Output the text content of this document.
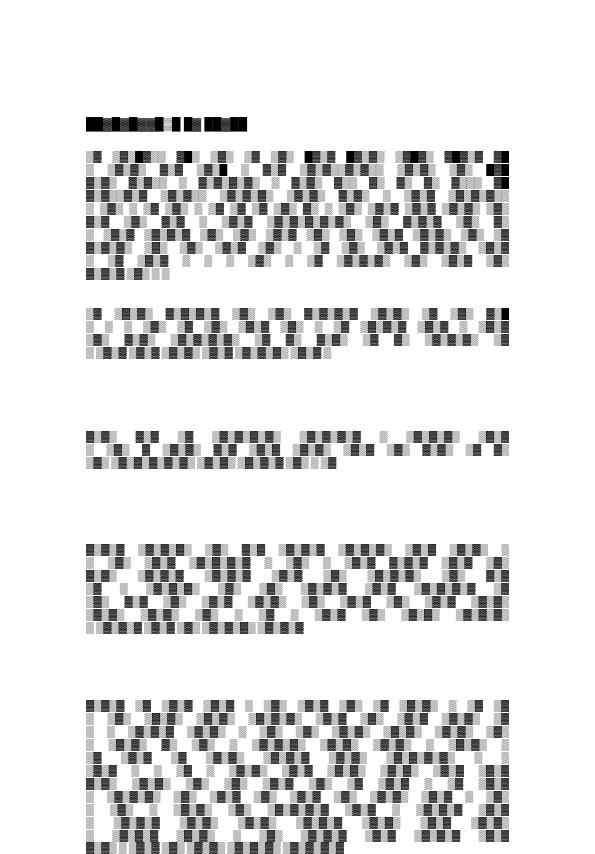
██▓█▓█▓▓█▒█ █▓ ██▓██
▒▓ ▒▓▒█▓▒▒ ▓█▒ ▒▓▒ ▒▓ ▒▓▒ █▓▒▓ █▓▒▓▒ ▒▓█▓▒ ▓█▓▒▓ ▓█
▒ ▒▓▒▓▒ ▓▒▓ ▒▓▒█ ▒ ▓▒▓ ▒▓▒▓▒▒▓▒▓▒▒ ▒▓▒▓▒ ▒▓▒ █▓█
▓▒▓▒ ▓▒▓▒▒ ▒ ▓▒▓▒▓▒▓▒ ▒ ▓▒▓▒ ▓▒▒ ▓▒ ▓▒ ▓▒ ▓▒▒▒ ▓█
▓▒▓▒▒▓▒▓ ▒▓▒▓▒▒ ▒▓▒▓▒▓▒ ▒▓▒▓▒ ▓▒▓▒ ▒ ▒▓▒▓ ▒▓▒▓▒▓▒▒
▒ ▒▓▒ ▒ ▒▓ ▒▓▒ ▒ ▒▓ ▒▓ ▒▓ ▒▓▒ ▓▒ ▒ ▒▓▒ ▒▓▒▓ ▒▓▒▓ ▒▓▒▓▒ ▒▓▒
▓▒▓ ▒▓▒ ▓▒▓ ▒ ▒▓▒▓ ▒▓▒▓▒▓▒▓▒▓▒ ▒▓▒ ▓▒▓▒▓ ▒▓▒ ▓▒
▒ ▒▓▒▓ ▒▓▒▓▒▓ ▒▓▒ ▒▓▒ ▒▓▒▓ ▒▓▒ ▒▓▒ ▒▓▒▓ ▒▓▒▓▒ ▒▓▒ ▒▓
▓▒▓▒▓▒ ▒▓▒ ▒▓▒ ▒▓▒▓ ▒▓▒ ▒ ▒▓ ▒▓▒ ▒▓▒▓ ▓▒▓▒▓▒ ▒▓▒▓
▒ ▒▓ ▒▓▒▓ ▒ ▒ ▒ ▒▓▒ ▒ ▒▓ ▒▓▒▓▒▓▒ ▒▓▒ ▒▓▒▓ ▒▓▒
▓▒▓▒▓ ▒▓▒ ▒ ▒
▒▓ ▒▓▒▓▒ ▓▒▓▒▓▒▓ ▒▓▒ ▒▓▒ ▓▒▓▒▓▒▓ ▒▓▒▓▒ ▒▓ ▒▓▒ ▓▒█
▒ ▒ ▒ ▒▓▒ ▒▓ ▒▓▒ ▒▓▒▓ ▒▓▒ ▒ ▒▓ ▒▓▒▓▒▓ ▒▓▒▓ ▒ ▒▓▒▓
▒▓▒ ▓▒▓▒ ▒▓▒▓▒▓▒▓▒ ▒▓ ▓▒ ▓▒▓▒ ▒▓ ▓▒ ▒▓▒▓▒▓▒ ▒▓
▒ ▒▓▒▓ ▒▓▒▓ ▒▓▒▓▒ ▒▓▒▓ ▒▓▒▓▒▓▒ ▒▓▒▓ ▒
▓▒▓▒ ▓▒▓ ▒▓ ▒▓▒▓▒▓▒▓▒ ▒▓▒▓▒▓▒▓ ▒ ▒▓▒▓▒▓▒ ▒▓▒▓
▒ ▒▓▒ ▓ ▒▓▒▓▒ ▓▒▓ ▒▓▒▓ ▒▓▒▓▒ ▒▓▒▓ ▒▓▒ ▓▒▓▒ ▒▓ ▓▒
▒▓▒ ▒▓▒▓▒▓▒▓▒▓▒ ▒▓▒▓▒ ▒▓▒▓▒▓ ▒▓▒ ▒ ▒▓
▓▒▓▒▓ ▒▓▒▓▒▓▒ ▒▓▒ ▓▒▓ ▒▓▒▓▒▓ ▒▓▒▓▒▓▒ ▒▓▒▓ ▒▓▒▓▒ ▒
▒ ▒▓▒ ▒▓▒▓ ▒▓▒▓▒▓▒▓ ▒ ▒▓▒ ▒ ▒▓▒▓ ▓▒▓▒▓ ▒▓▒▓ ▒▓▒
▓▒▓▒ ▒▓▒▓▒▓ ▒▓▒▓▒▓ ▒▓▒▓ ▒▓▒ ▒▓▒▓▒▓▒ ▒▓▒ ▓▒▓
▒▓ ▒ ▒▓▒▓▒▓▒ ▒▓▒ ▒▓▒ ▒▓▒▓▒▓ ▒▓▒▓ ▒▓▒▓▒▓▒▓ ▒▓
▒▓▒ ▓▒▓ ▒▓▒ ▒▓▒▓ ▒▓▒▓▒ ▒▓▒ ▒▓▒▓ ▒▓▒ ▒▓▒▓ ▒▓▒▓▒
▒▓▒▓▒ ▒▓▒▓▒ ▒▓▒ ▒ ▒▓ ▒ ▒▓▒▓ ▒▓▒ ▒▓▒▓▒ ▒▓▒▓▒▓▒
▒ ▒▓▒▓▒▓ ▒▓▒▓ ▒▓▒ ▒▓▒▓▒▓▒ ▒▓▒▓▒▓
▓▒▓▒▓ ▒▓ ▒▓▒▓ ▒▓▒▓ ▒ ▒▓▒ ▒▓▒▓ ▒▓▒ ▒▓ ▒▓▒▓▒ ▒ ▒▓ ▒▓
▒ ▒▓▒ ▒▓▒▓▒ ▒▓▒▓▒ ▒▓▒▓▒▓▒ ▒▓▒▓ ▒▓▒ ▒▓▒▓ ▒▓▒▓▒ ▒▓
▒ ▒ ▒▓▒▓▒▓ ▒▓▒▓▒ ▒ ▒▓▒ ▒▓▒ ▒▓▒▓▒ ▒▓▒▓▒ ▒▓▒▓▒ ▒▓▒
▒ ▒▓▒▓▒ ▓▒ ▒▓▒ ▒ ▒▓▒▓▒▓▒ ▒▓▒▓▒ ▒▓▒▓▒ ▒ ▒▓▒▓▒ ▒
▒▓ ▒▓▒▓ ▒▓ ▒▓▒▓▒ ▒▓▒▓▒▓ ▒▓▒▓▒ ▒▓▒▓▒▓▒▓▒ ▒ ▒
▒▓▒▓ ▒ ▒ ▒▓ ▒ ▒▓▒▓▒ ▒▓▒▓ ▒▓▒▓▒ ▒▓▒▓▒ ▒▓▒▓ ▒▓▒▓
▓▒▓▒ ▒▓▒▓▒ ▒▓▒ ▒▓▒ ▒▓▒▓ ▒▓▒ ▒▓ ▒▓▒▓ ▒ ▒▓ ▒▓▒▓
▒ ▒▓▒▓▒▓▒ ▒▓▒ ▒▓▒▓ ▒▓▒ ▒▓▒▓ ▒▓▒ ▒▓▒▓▒ ▒▓▒▓ ▒ ▒▓▒
▒ ▒▓▒ ▒ ▒▓▒▓▒ ▒▓▒ ▒▓▒▓▒▓▒▓ ▒▓▒▓ ▒ ▒▓▒▓▒▓ ▒▓▒▓
▒ ▒▓▒▓▒▓ ▒▓▒▓▒ ▒▓▒▓▒ ▒▓▒▓▒▓ ▒▓▒▓▒ ▒▓▒▓ ▒▓▒▓▒
▒ ▒▓▒▓▒▓ ▒▓▒▓▒ ▒ ▒▓▒ ▒▓▒▓▒▓ ▒▓▒▓ ▒▓▒▓▒▓ ▒▓▒▓
▓▒▓▒ ▒ ▒▓▒▓ ▒▓▒ ▒▓▒▓▒ ▒▓▒▓▒▓▒ ▒▓▒▓▒▓▒▓
